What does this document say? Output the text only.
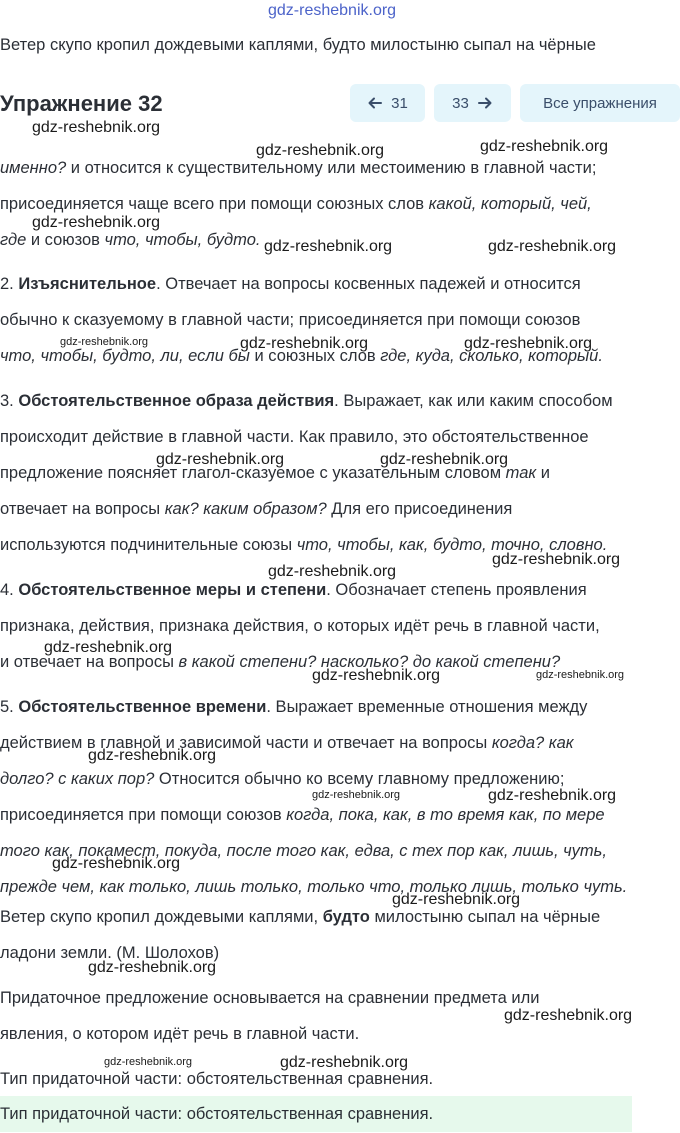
gdz-reshebnik.org
Ветер скупо кропил дождевыми каплями, будто милостыню сыпал на чёрные
Упражнение 32	31	33	Все упражнения
именно? и относится к существительному или местоимению в главной части;
присоединяется чаще всего при помощи союзных слов какой, который, чей,
где и союзов что, чтобы, будто.
2. Изъяснительное. Отвечает на вопросы косвенных падежей и относится
обычно к сказуемому в главной части; присоединяется при помощи союзов
что, чтобы, будто, ли, если бы и союзных слов где, куда, сколько, который.
3. Обстоятельственное образа действия. Выражает, как или каким способом
происходит действие в главной части. Как правило, это обстоятельственное
предложение поясняет глагол-сказуемое с указательным словом так и
отвечает на вопросы как? каким образом? Для его присоединения
используются подчинительные союзы что, чтобы, как, будто, точно, словно.
4. Обстоятельственное меры и степени. Обозначает степень проявления
признака, действия, признака действия, о которых идёт речь в главной части,
и отвечает на вопросы в какой степени? насколько? до какой степени?
5. Обстоятельственное времени. Выражает временные отношения между
действием в главной и зависимой части и отвечает на вопросы когда? как
долго? с каких пор? Относится обычно ко всему главному предложению;
присоединяется при помощи союзов когда, пока, как, в то время как, по мере
того как, покамест, покуда, после того как, едва, с тех пор как, лишь, чуть,
прежде чем, как только, лишь только, только что, только лишь, только чуть.
Ветер скупо кропил дождевыми каплями, будто милостыню сыпал на чёрные
ладони земли. (М. Шолохов)
Придаточное предложение основывается на сравнении предмета или
явления, о котором идёт речь в главной части.
Тип придаточной части: обстоятельственная сравнения.
Тип придаточной части: обстоятельственная сравнения.
gdz-reshebnik.org
gdz-reshebnik.org
gdz-reshebnik.org
gdz-reshebnik.org
gdz-reshebnik.org	gdz-reshebnik.org
gdz-reshebnik.org	gdz-reshebnik.org	gdz-reshebnik.org
gdz-reshebnik.org	gdz-reshebnik.org
gdz-reshebnik.org
gdz-reshebnik.org
gdz-reshebnik.org
gdz-reshebnik.org	gdz-reshebnik.org
gdz-reshebnik.org
gdz-reshebnik.org	gdz-reshebnik.org
gdz-reshebnik.org
gdz-reshebnik.org
gdz-reshebnik.org
gdz-reshebnik.org
gdz-reshebnik.org	gdz-reshebnik.org
